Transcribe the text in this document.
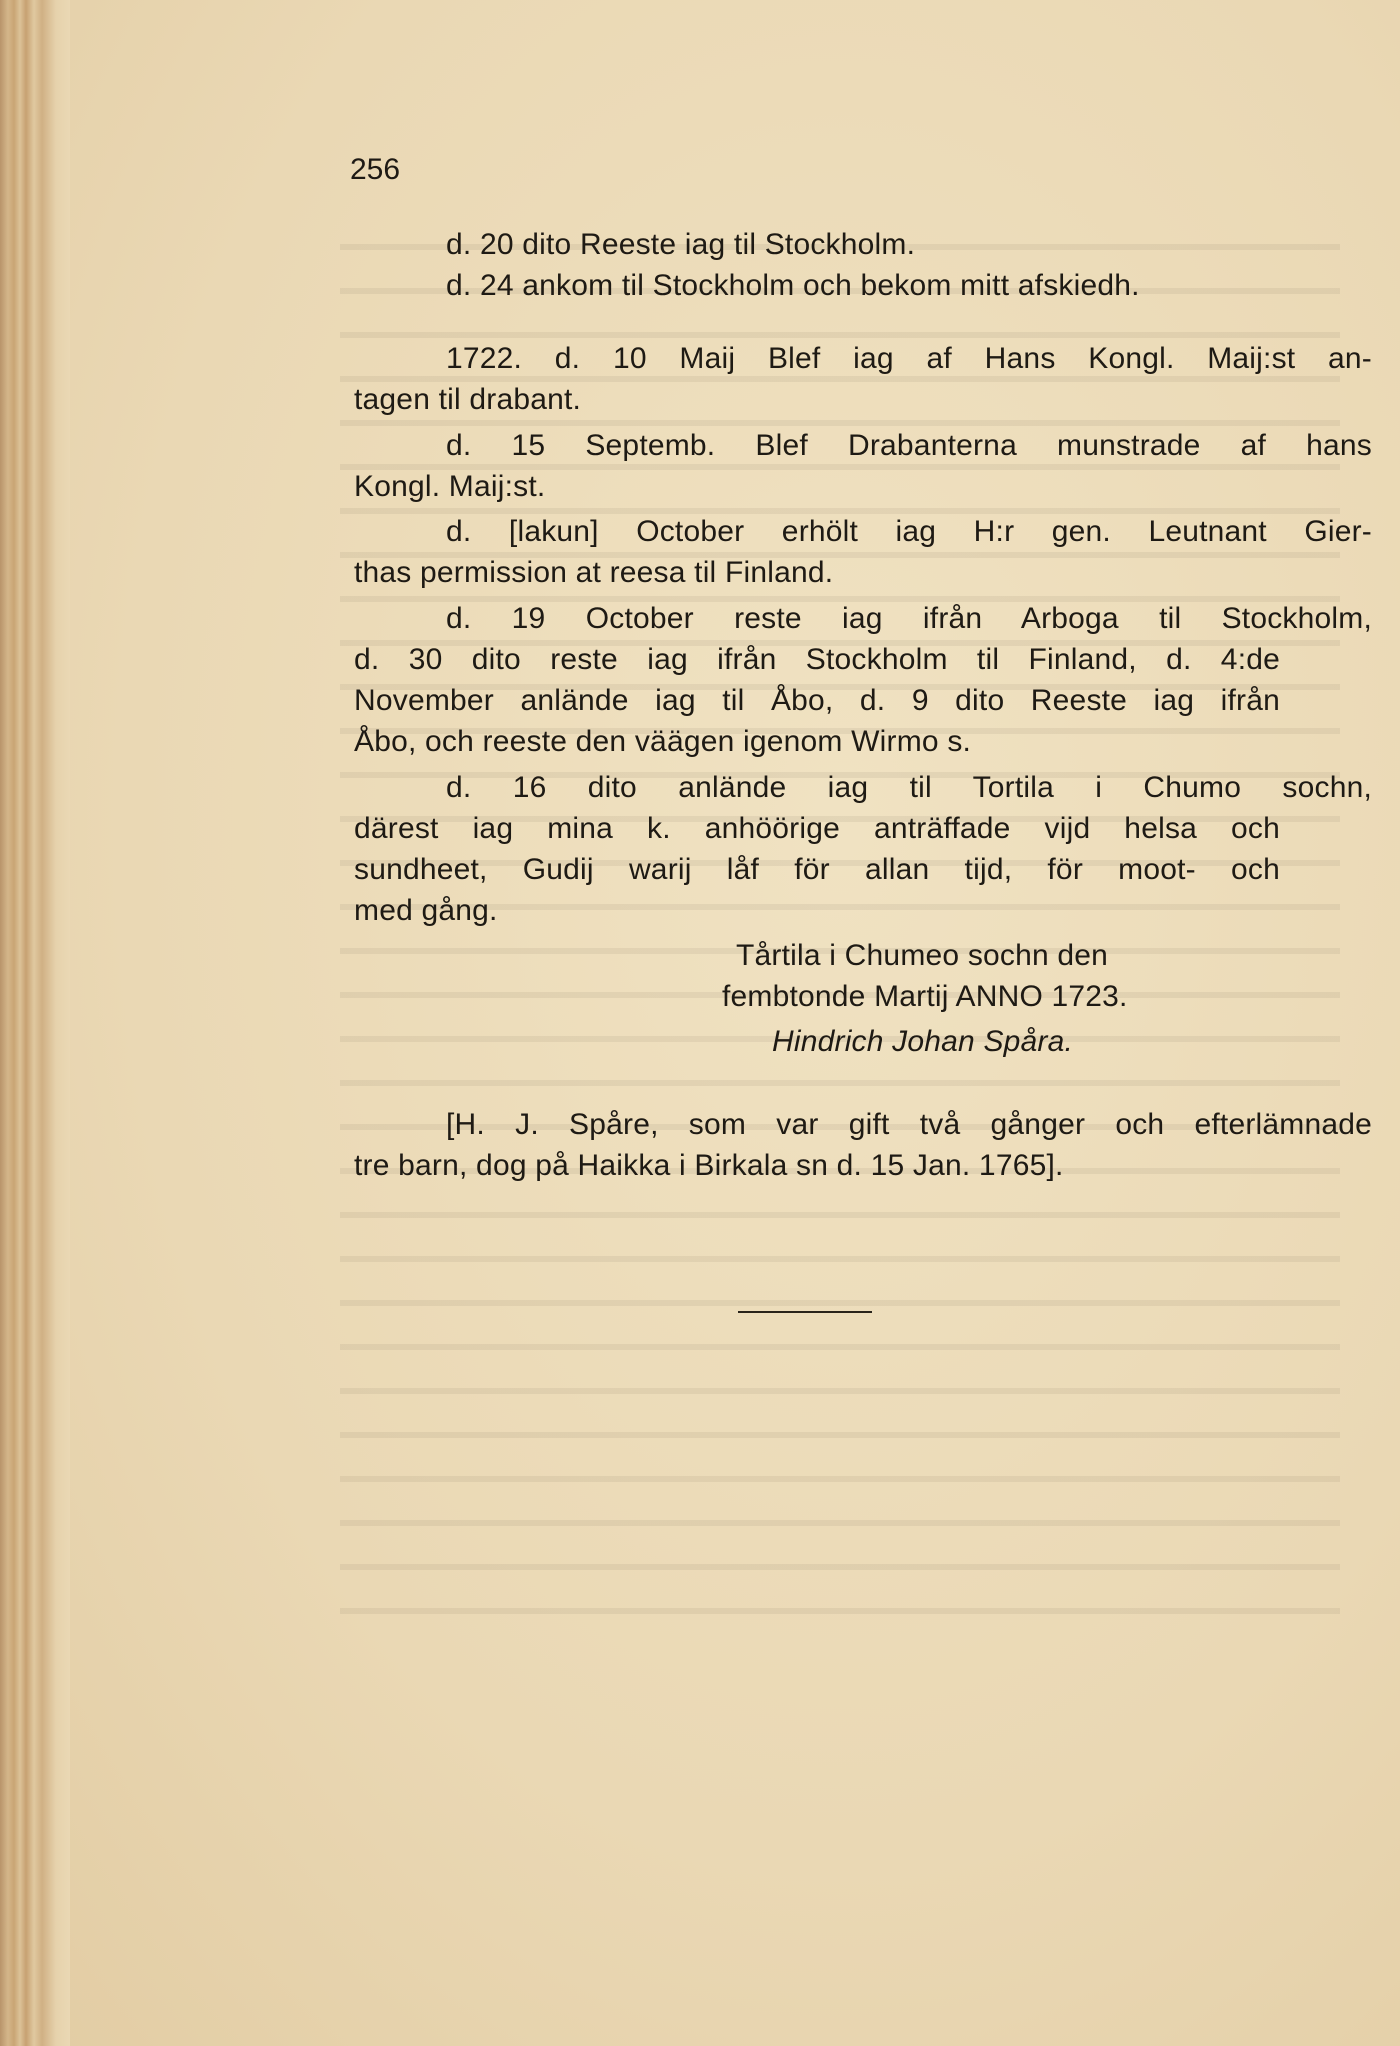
256
d. 20 dito Reeste iag til Stockholm.
d. 24 ankom til Stockholm och bekom mitt afskiedh.
1722. d. 10 Maij Blef iag af Hans Kongl. Maij:st an-
tagen til drabant.
d. 15 Septemb. Blef Drabanterna munstrade af hans
Kongl. Maij:st.
d. [lakun] October erhölt iag H:r gen. Leutnant Gier-
thas permission at reesa til Finland.
d. 19 October reste iag ifrån Arboga til Stockholm,
d. 30 dito reste iag ifrån Stockholm til Finland, d. 4:de
November anlände iag til Åbo, d. 9 dito Reeste iag ifrån
Åbo, och reeste den väägen igenom Wirmo s.
d. 16 dito anlände iag til Tortila i Chumo sochn,
därest iag mina k. anhöörige anträffade vijd helsa och
sundheet, Gudij warij låf för allan tijd, för moot- och
med gång.
Tårtila i Chumeo sochn den
fembtonde Martij ANNO 1723.
Hindrich Johan Spåra.
[H. J. Spåre, som var gift två gånger och efterlämnade
tre barn, dog på Haikka i Birkala sn d. 15 Jan. 1765].
